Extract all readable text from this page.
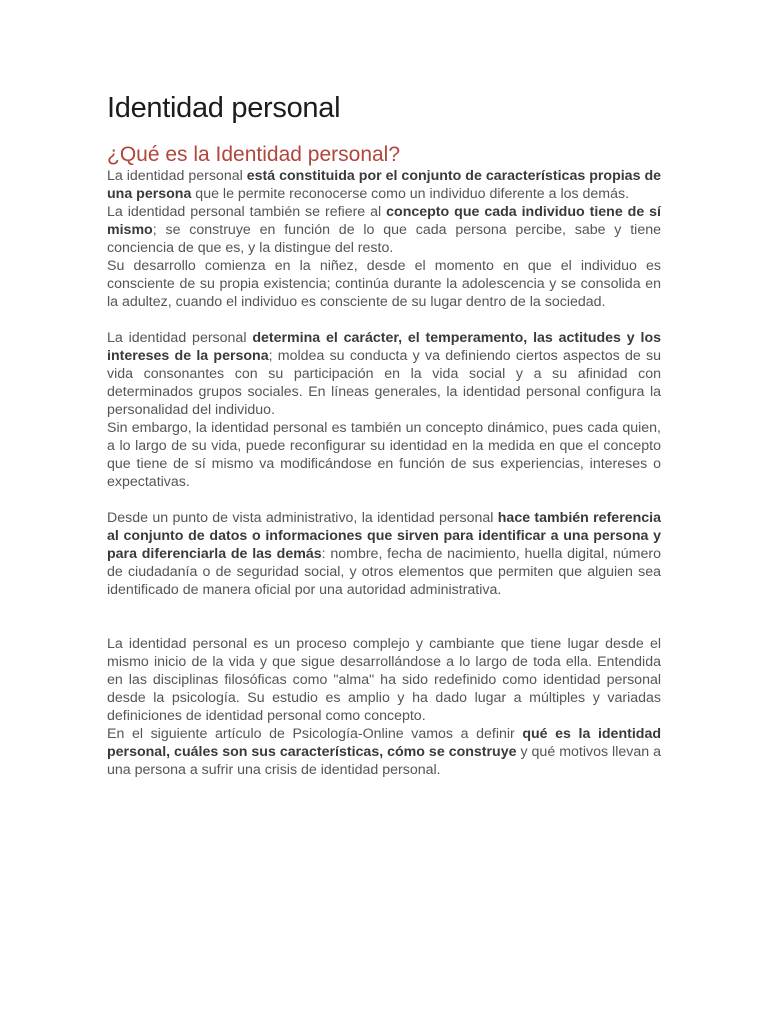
Identidad personal
¿Qué es la Identidad personal?

La identidad personal está constituida por el conjunto de características propias de una persona que le permite reconocerse como un individuo diferente a los demás.

La identidad personal también se refiere al concepto que cada individuo tiene de sí mismo; se construye en función de lo que cada persona percibe, sabe y tiene conciencia de que es, y la distingue del resto.

Su desarrollo comienza en la niñez, desde el momento en que el individuo es consciente de su propia existencia; continúa durante la adolescencia y se consolida en la adultez, cuando el individuo es consciente de su lugar dentro de la sociedad.

La identidad personal determina el carácter, el temperamento, las actitudes y los intereses de la persona; moldea su conducta y va definiendo ciertos aspectos de su vida consonantes con su participación en la vida social y a su afinidad con determinados grupos sociales. En líneas generales, la identidad personal configura la personalidad del individuo.

Sin embargo, la identidad personal es también un concepto dinámico, pues cada quien, a lo largo de su vida, puede reconfigurar su identidad en la medida en que el concepto que tiene de sí mismo va modificándose en función de sus experiencias, intereses o expectativas.

Desde un punto de vista administrativo, la identidad personal hace también referencia al conjunto de datos o informaciones que sirven para identificar a una persona y para diferenciarla de las demás: nombre, fecha de nacimiento, huella digital, número de ciudadanía o de seguridad social, y otros elementos que permiten que alguien sea identificado de manera oficial por una autoridad administrativa.

La identidad personal es un proceso complejo y cambiante que tiene lugar desde el mismo inicio de la vida y que sigue desarrollándose a lo largo de toda ella. Entendida en las disciplinas filosóficas como "alma" ha sido redefinido como identidad personal desde la psicología. Su estudio es amplio y ha dado lugar a múltiples y variadas definiciones de identidad personal como concepto.

En el siguiente artículo de Psicología-Online vamos a definir qué es la identidad personal, cuáles son sus características, cómo se construye y qué motivos llevan a una persona a sufrir una crisis de identidad personal.
